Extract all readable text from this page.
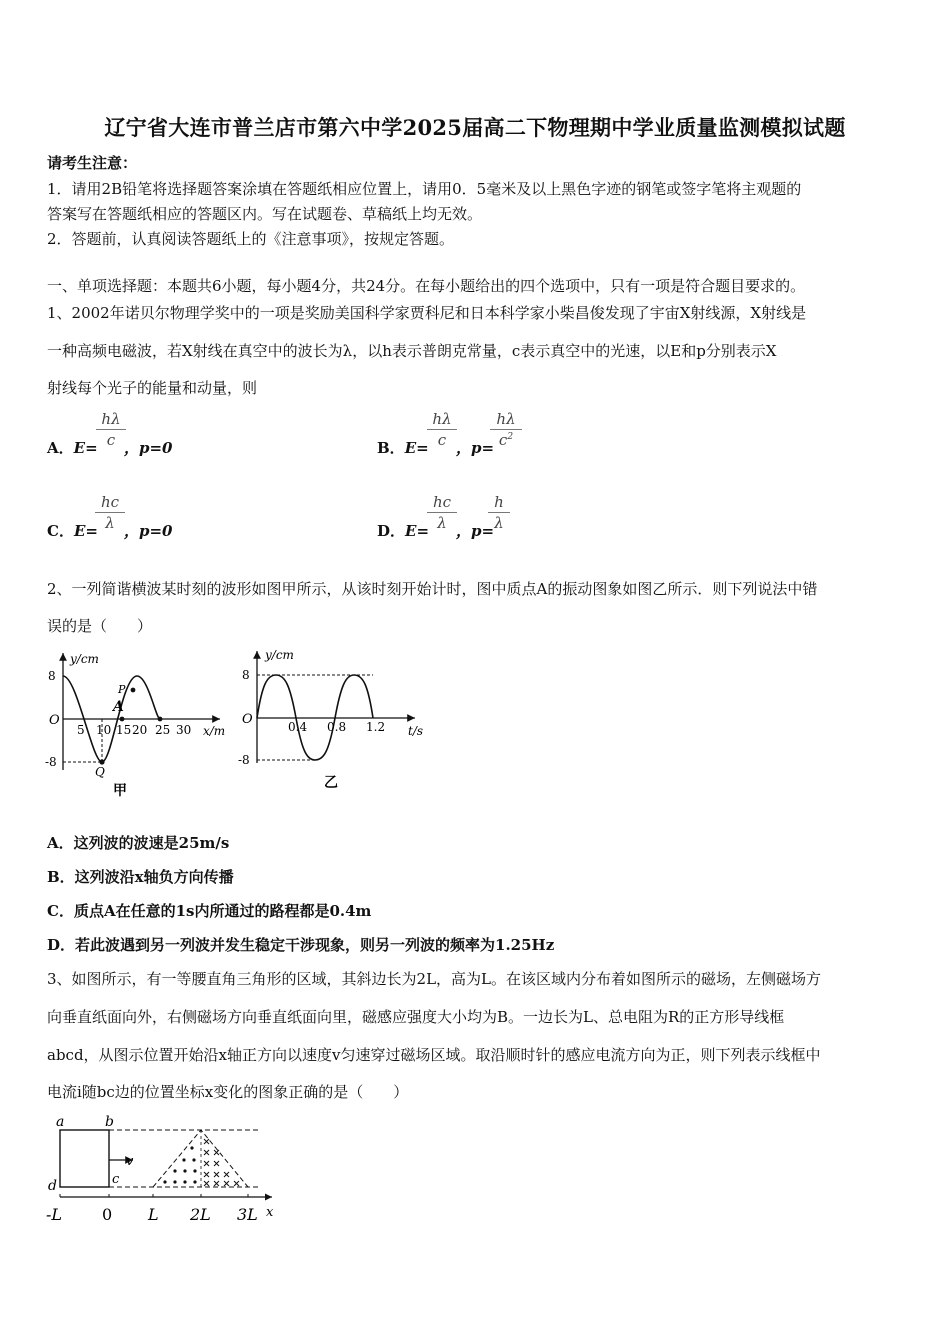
辽宁省大连市普兰店市第六中学2025届高二下物理期中学业质量监测模拟试题
请考生注意：
1．请用2B铅笔将选择题答案涂填在答题纸相应位置上，请用0．5毫米及以上黑色字迹的钢笔或签字笔将主观题的
答案写在答题纸相应的答题区内。写在试题卷、草稿纸上均无效。
2．答题前，认真阅读答题纸上的《注意事项》，按规定答题。
一、单项选择题：本题共6小题，每小题4分，共24分。在每小题给出的四个选项中，只有一项是符合题目要求的。
1、2002年诺贝尔物理学奖中的一项是奖励美国科学家贾科尼和日本科学家小柴昌俊发现了宇宙X射线源，X射线是
一种高频电磁波，若X射线在真空中的波长为λ，以h表示普朗克常量，c表示真空中的光速，以E和p分别表示X
射线每个光子的能量和动量，则
A．E=
hλ
c ，p=0	B．E=
hλ
c ，p=
hλ
$c^2$
C．E=
hc
λ ，p=0	D．E=
hc
λ ，p=
h
λ
2、一列简谐横波某时刻的波形如图甲所示，从该时刻开始计时，图中质点A的振动图象如图乙所示．则下列说法中错
误的是（　　）
y/cm
x/m
8
-8
O
5 10 15 20 25 30
P
A
Q
甲
y/cm
t/s
8
-8
O	0.4 0.8 1.2
乙
A．这列波的波速是25m/s
B．这列波沿x轴负方向传播
C．质点A在任意的1s内所通过的路程都是0.4m
D．若此波遇到另一列波并发生稳定干涉现象，则另一列波的频率为1.25Hz
3、如图所示，有一等腰直角三角形的区域，其斜边长为2L，高为L。在该区域内分布着如图所示的磁场，左侧磁场方
向垂直纸面向外，右侧磁场方向垂直纸面向里，磁感应强度大小均为B。一边长为L、总电阻为R的正方形导线框
abcd，从图示位置开始沿x轴正方向以速度v匀速穿过磁场区域。取沿顺时针的感应电流方向为正，则下列表示线框中
电流i随bc边的位置坐标x变化的图象正确的是（　　）
a	b
c
d
v
-L 0 L 2L 3L x
